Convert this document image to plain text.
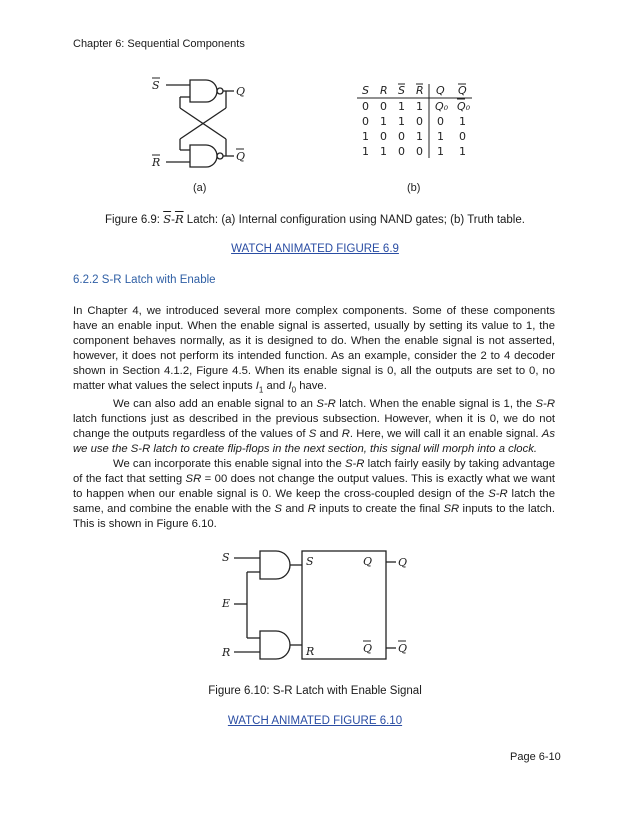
Chapter 6: Sequential Components
S
R
Q
Q
S R S R Q Q
0 0 1 1 Q₀ Q₀
0 1 1 0 0 1
1 0 0 1 1 0
1 1 0 0 1 1
(a)	(b)
S
E
R
S
R
Q
Q
Q
Q
Figure 6.9: $\overline{S}-\overline{R}$ Latch: (a) Internal configuration using NAND gates; (b) Truth table.
WATCH ANIMATED FIGURE 6.9
6.2.2 S-R Latch with Enable

In Chapter 4, we introduced several more complex components. Some of these components have an enable input. When the enable signal is asserted, usually by setting its value to 1, the component behaves normally, as it is designed to do. When the enable signal is not asserted, however, it does not perform its intended function. As an example, consider the 2 to 4 decoder shown in Section 4.1.2, Figure 4.5. When its enable signal is 0, all the outputs are set to 0, no matter what values the select inputs $I_1$ and $I_0$ have.

We can also add an enable signal to an S-R latch. When the enable signal is 1, the S-R latch functions just as described in the previous subsection. However, when it is 0, we do not change the outputs regardless of the values of S and R. Here, we will call it an enable signal. As we use the S-R latch to create flip-flops in the next section, this signal will morph into a clock.

We can incorporate this enable signal into the S-R latch fairly easily by taking advantage of the fact that setting SR = 00 does not change the output values. This is exactly what we want to happen when our enable signal is 0. We keep the cross-coupled design of the S-R latch the same, and combine the enable with the S and R inputs to create the final SR inputs to the latch. This is shown in Figure 6.10.

Figure 6.10: S-R Latch with Enable Signal
WATCH ANIMATED FIGURE 6.10
Page 6-10
